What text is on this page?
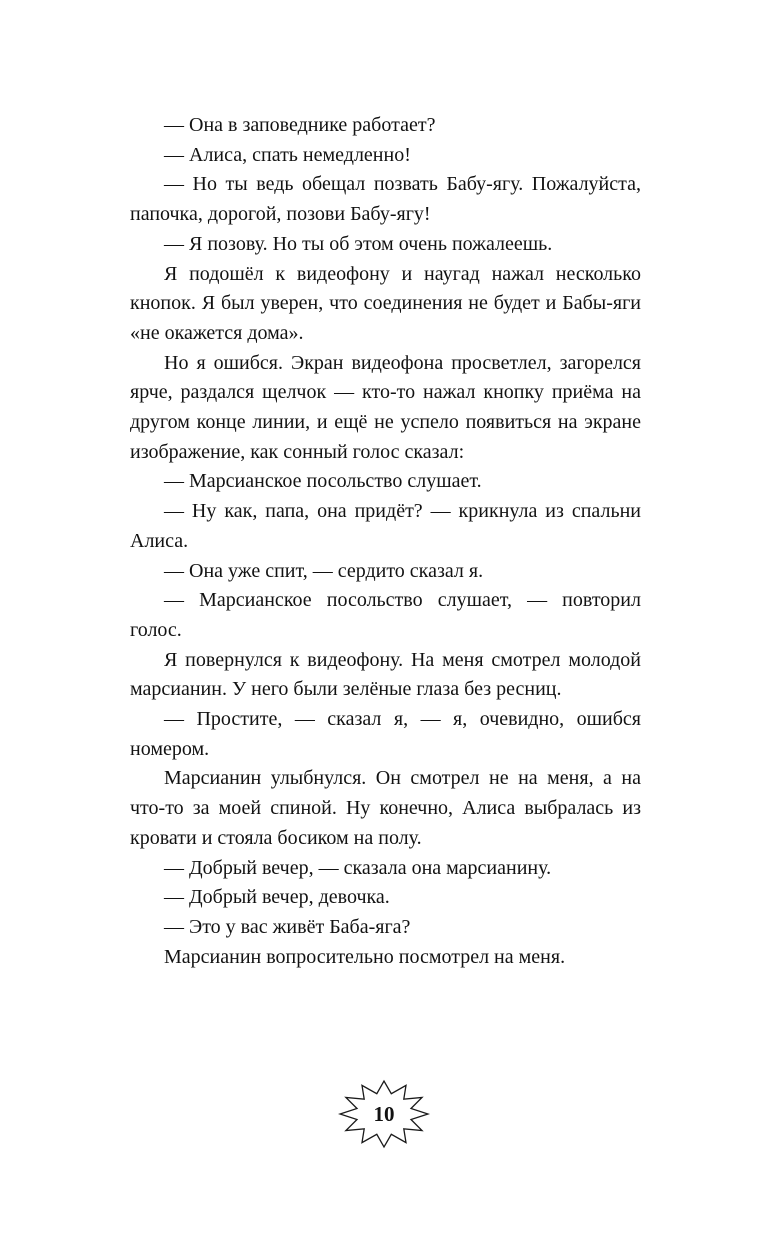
— Она в заповеднике работает?

— Алиса, спать немедленно!

— Но ты ведь обещал позвать Бабу-ягу. Пожалуйста, папочка, дорогой, позови Бабу-ягу!

— Я позову. Но ты об этом очень пожалеешь.

Я подошёл к видеофону и наугад нажал несколько кнопок. Я был уверен, что соединения не будет и Бабы-яги «не окажется дома».

Но я ошибся. Экран видеофона просветлел, загорелся ярче, раздался щелчок — кто-то нажал кнопку приёма на другом конце линии, и ещё не успело появиться на экране изображение, как сонный голос сказал:

— Марсианское посольство слушает.

— Ну как, папа, она придёт? — крикнула из спальни Алиса.

— Она уже спит, — сердито сказал я.

— Марсианское посольство слушает, — повторил голос.

Я повернулся к видеофону. На меня смотрел молодой марсианин. У него были зелёные глаза без ресниц.

— Простите, — сказал я, — я, очевидно, ошибся номером.

Марсианин улыбнулся. Он смотрел не на меня, а на что-то за моей спиной. Ну конечно, Алиса выбралась из кровати и стояла босиком на полу.

— Добрый вечер, — сказала она марсианину.

— Добрый вечер, девочка.

— Это у вас живёт Баба-яга?

Марсианин вопросительно посмотрел на меня.

10
